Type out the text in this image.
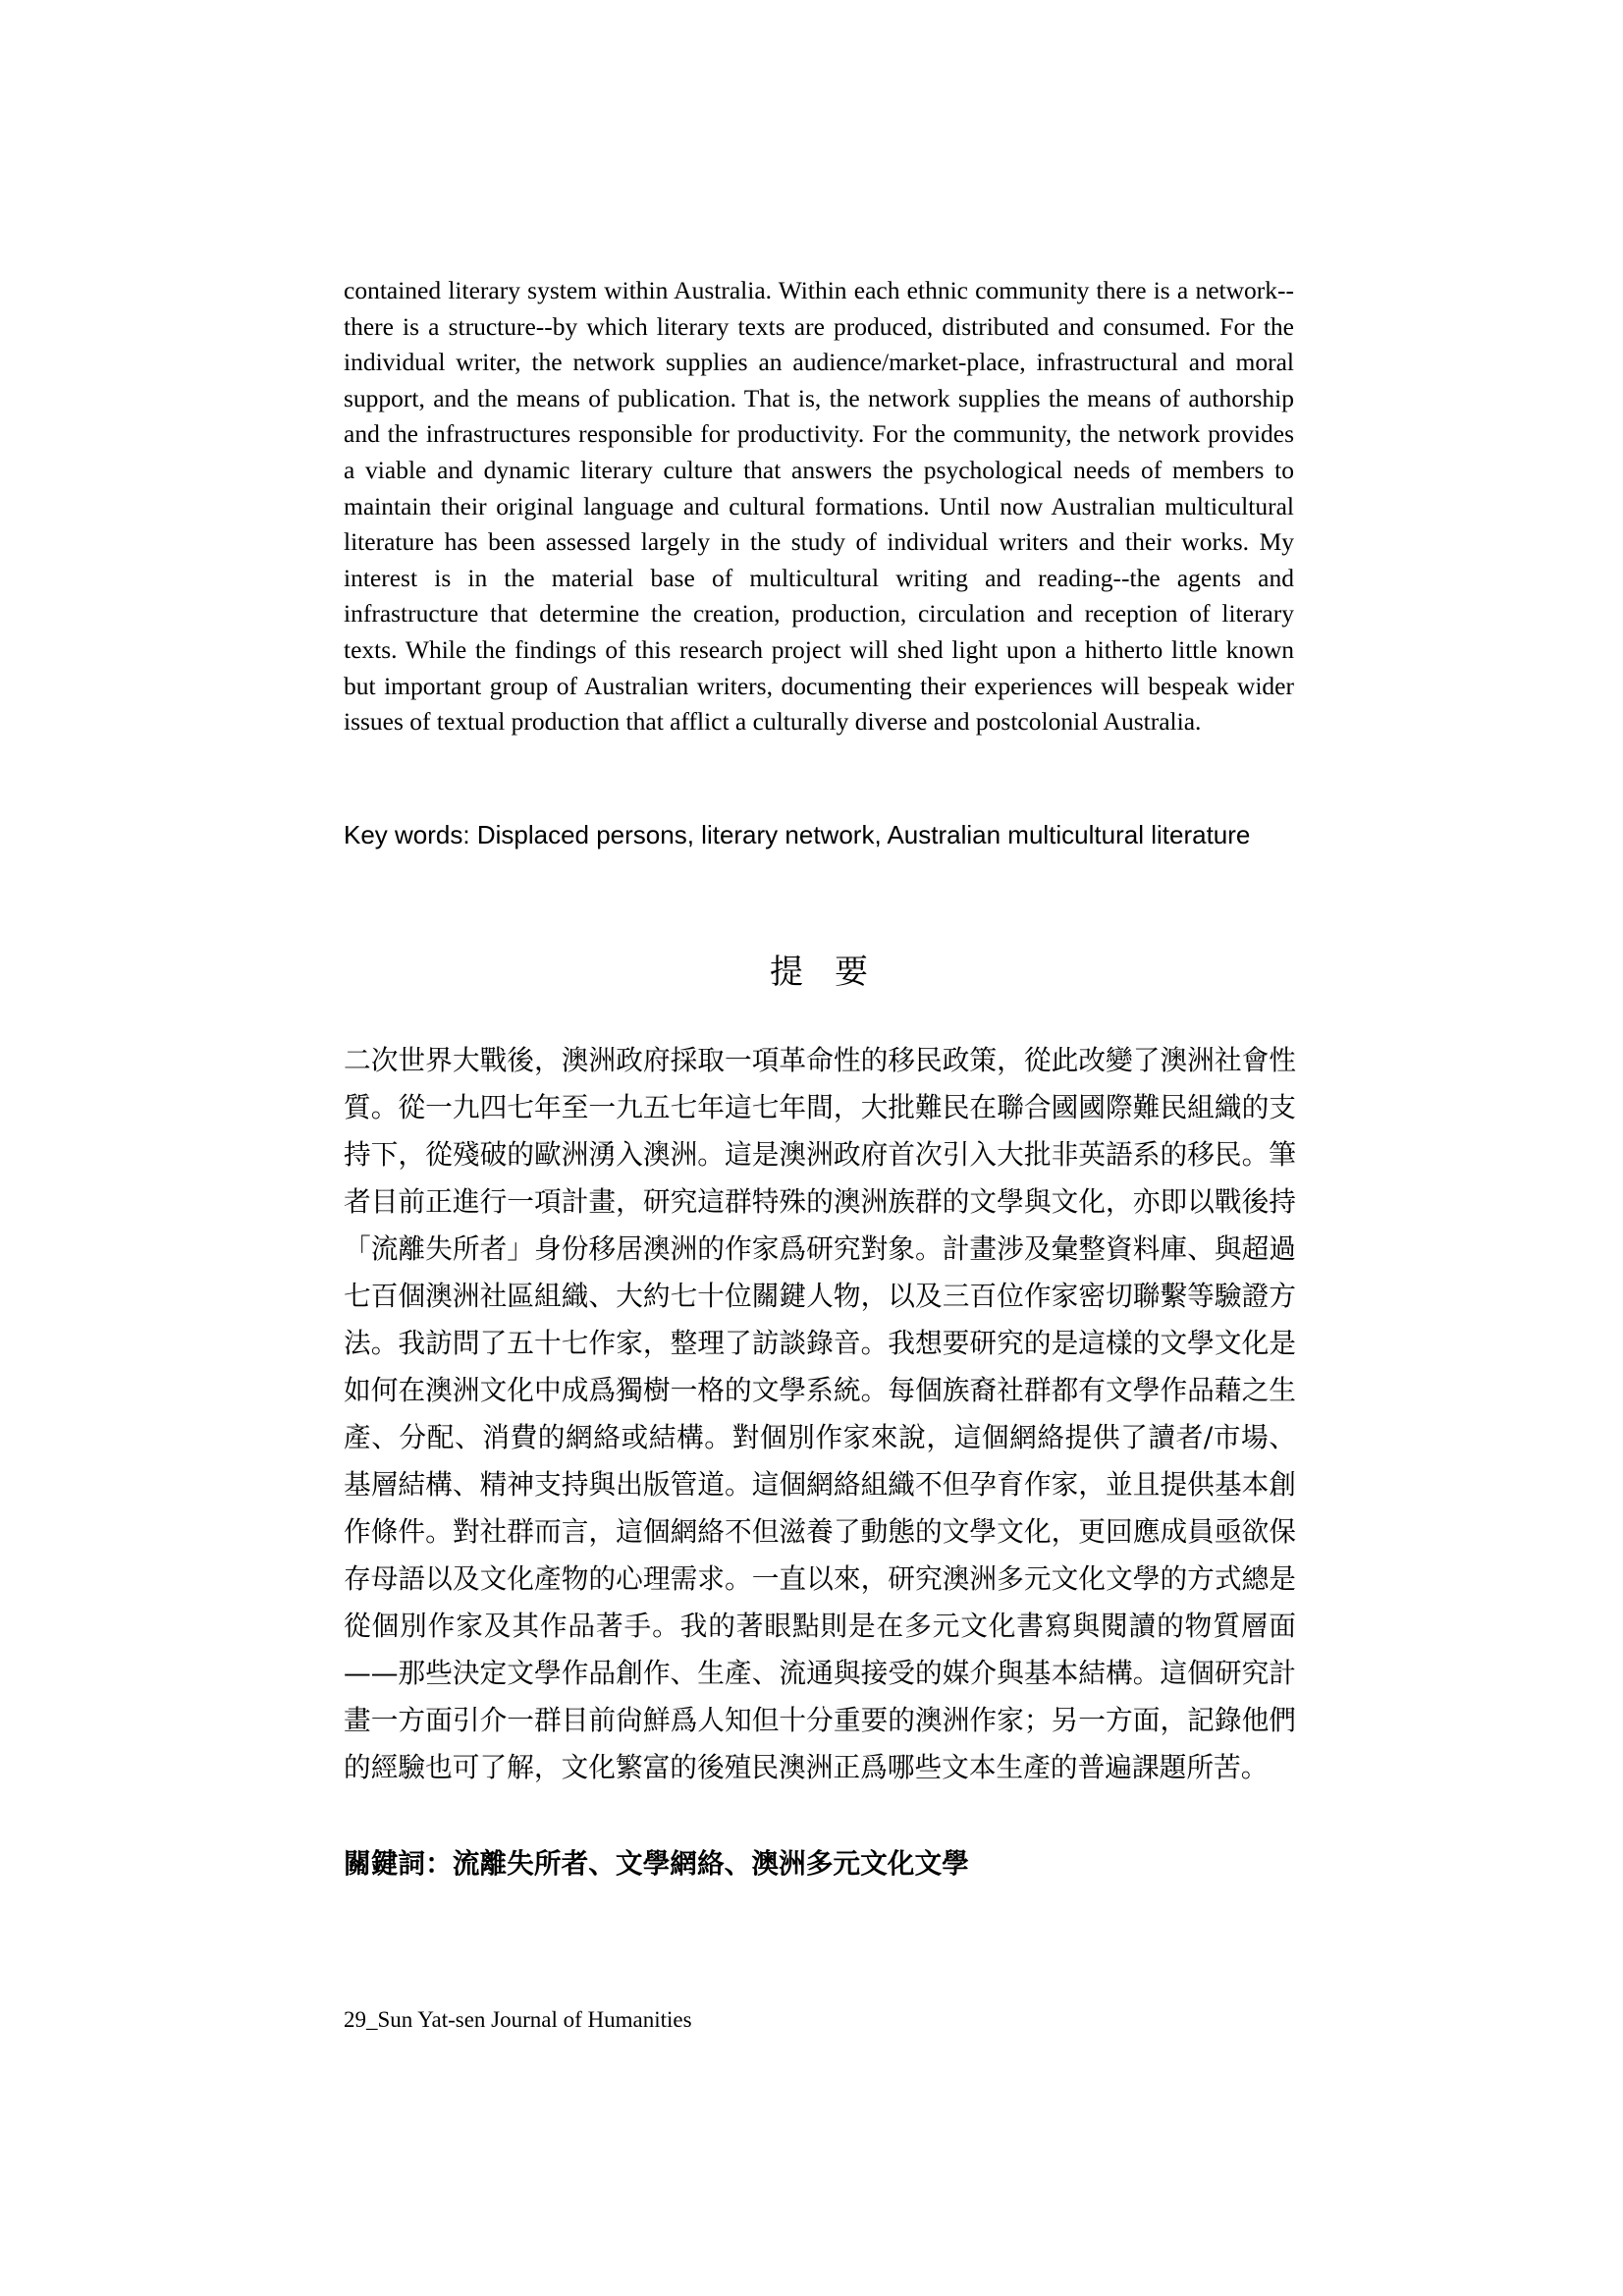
contained literary system within Australia. Within each ethnic community there is a network--there is a structure--by which literary texts are produced, distributed and consumed. For the individual writer, the network supplies an audience/market-place, infrastructural and moral support, and the means of publication. That is, the network supplies the means of authorship and the infrastructures responsible for productivity. For the community, the network provides a viable and dynamic literary culture that answers the psychological needs of members to maintain their original language and cultural formations. Until now Australian multicultural literature has been assessed largely in the study of individual writers and their works. My interest is in the material base of multicultural writing and reading--the agents and infrastructure that determine the creation, production, circulation and reception of literary texts. While the findings of this research project will shed light upon a hitherto little known but important group of Australian writers, documenting their experiences will bespeak wider issues of textual production that afflict a culturally diverse and postcolonial Australia.

Key words: Displaced persons, literary network, Australian multicultural literature

提要

二次世界大戰後，澳洲政府採取一項革命性的移民政策，從此改變了澳洲社會性質。從一九四七年至一九五七年這七年間，大批難民在聯合國國際難民組織的支持下，從殘破的歐洲湧入澳洲。這是澳洲政府首次引入大批非英語系的移民。筆者目前正進行一項計畫，研究這群特殊的澳洲族群的文學與文化，亦即以戰後持「流離失所者」身份移居澳洲的作家爲研究對象。計畫涉及彙整資料庫、與超過七百個澳洲社區組織、大約七十位關鍵人物，以及三百位作家密切聯繫等驗證方法。我訪問了五十七作家，整理了訪談錄音。我想要研究的是這樣的文學文化是如何在澳洲文化中成爲獨樹一格的文學系統。每個族裔社群都有文學作品藉之生產、分配、消費的網絡或結構。對個別作家來說，這個網絡提供了讀者/市場、基層結構、精神支持與出版管道。這個網絡組織不但孕育作家，並且提供基本創作條件。對社群而言，這個網絡不但滋養了動態的文學文化，更回應成員亟欲保存母語以及文化產物的心理需求。一直以來，研究澳洲多元文化文學的方式總是從個別作家及其作品著手。我的著眼點則是在多元文化書寫與閱讀的物質層面——那些決定文學作品創作、生產、流通與接受的媒介與基本結構。這個研究計畫一方面引介一群目前尙鮮爲人知但十分重要的澳洲作家；另一方面，記錄他們的經驗也可了解，文化繁富的後殖民澳洲正爲哪些文本生產的普遍課題所苦。

關鍵詞：流離失所者、文學網絡、澳洲多元文化文學

29_Sun Yat-sen Journal of Humanities
